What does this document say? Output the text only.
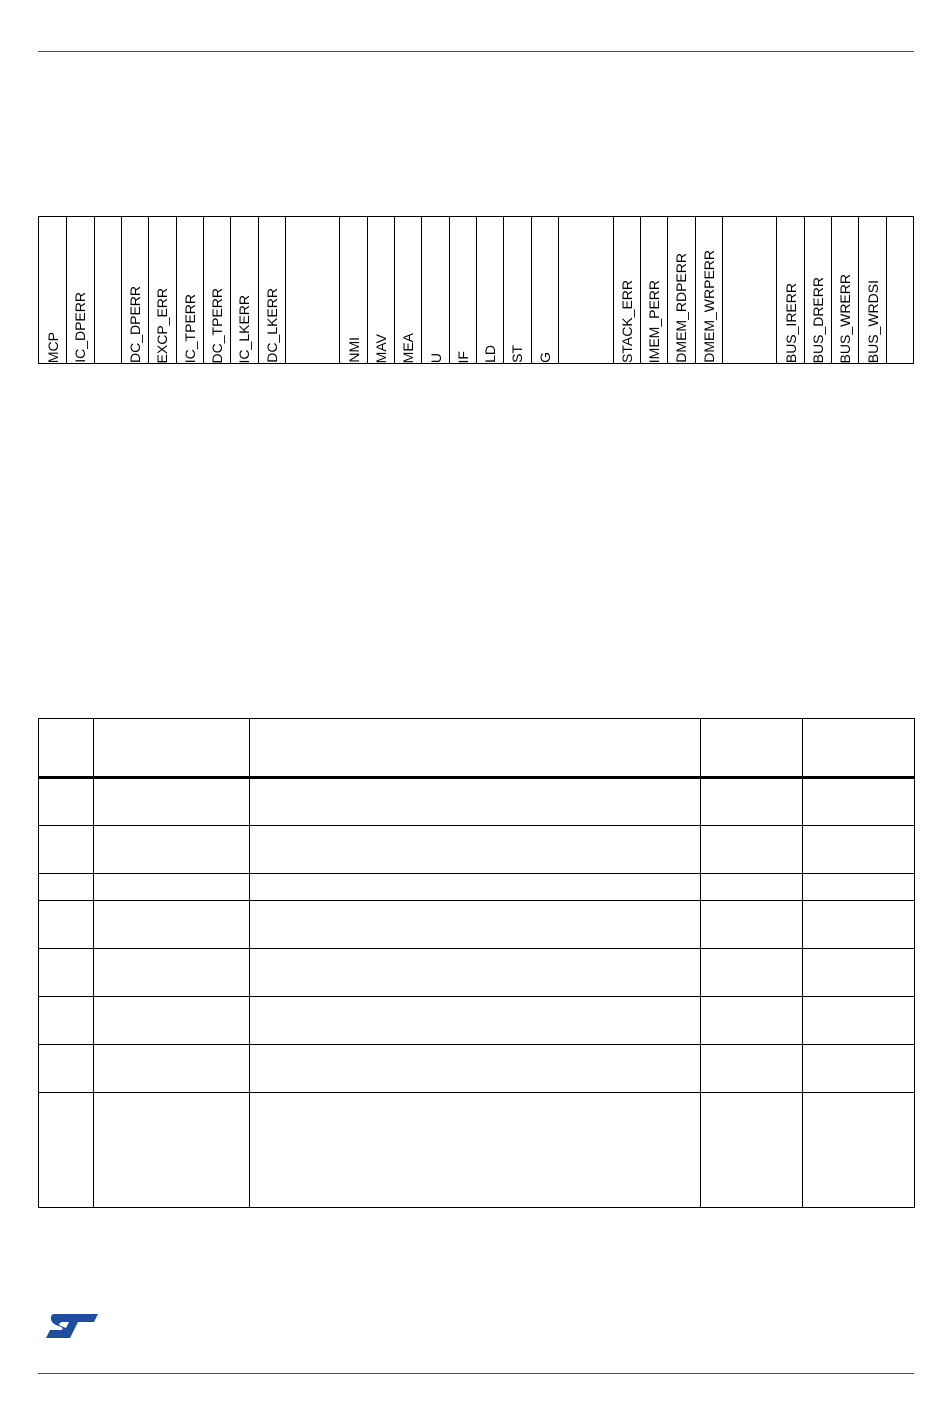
MCP IC_DPERR	DC_DPERR EXCP_ERR IC_TPERR DC_TPERR IC_LKERR DC_LKERR	NMI MAV MEA U IF LD ST G	STACK_ERR IMEM_PERR DMEM_RDPERR DMEM_WRPERR	BUS_IRERR BUS_DRERR BUS_WRERR BUS_WRDSI
